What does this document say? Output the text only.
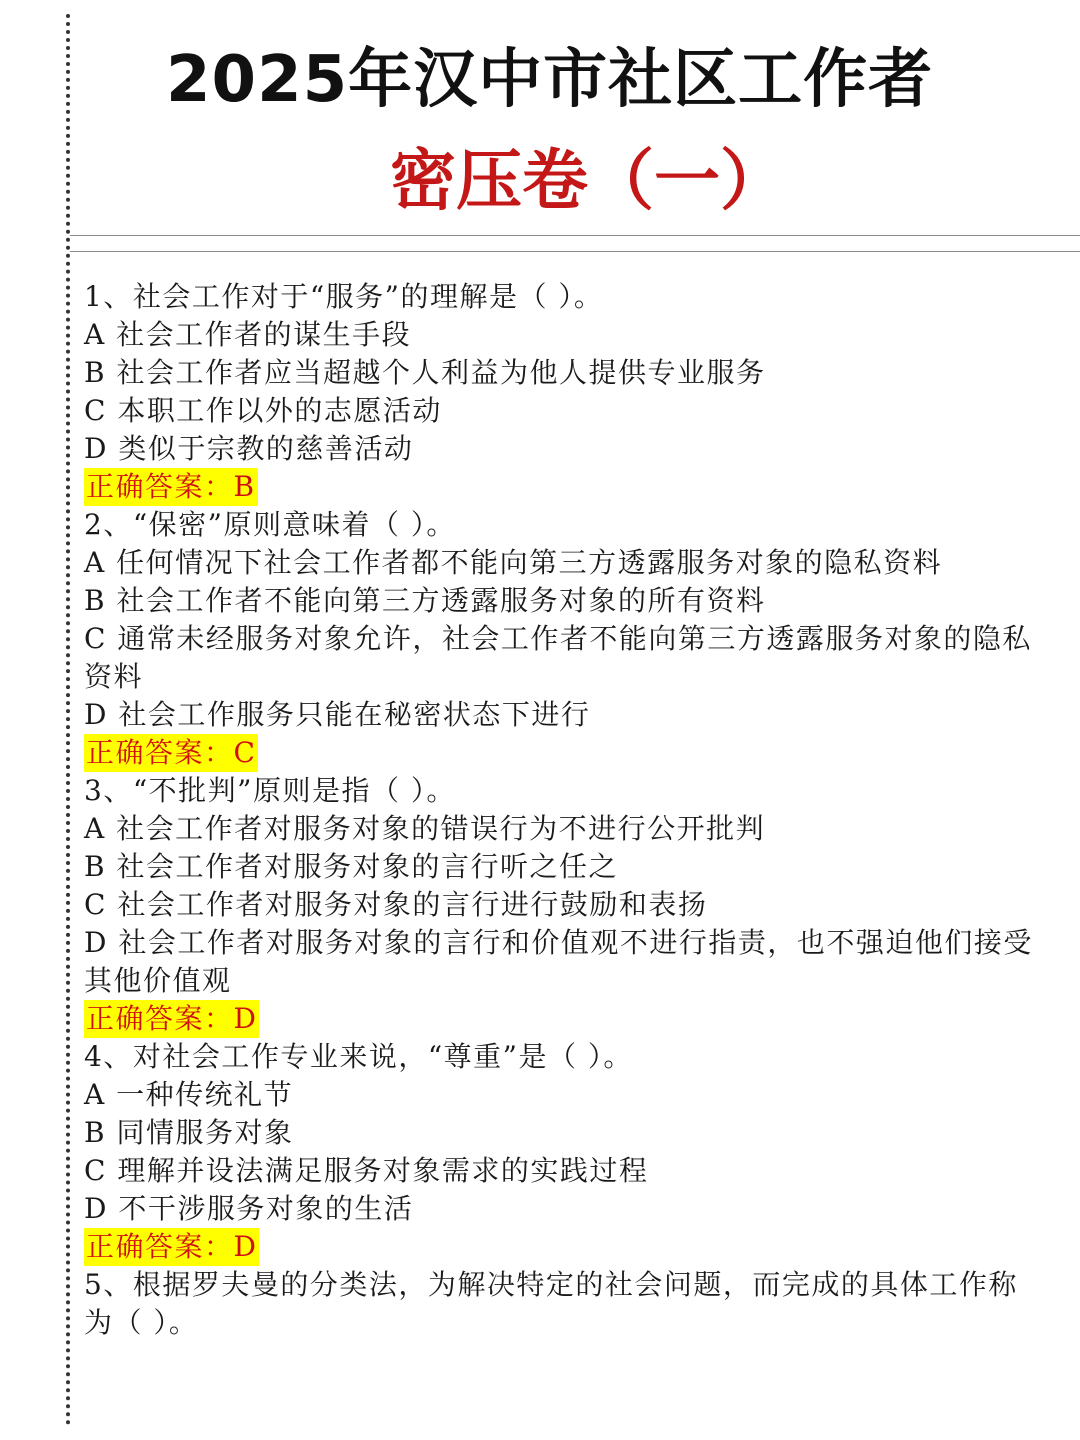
2025年汉中市社区工作者
密压卷（一）

1、社会工作对于“服务”的理解是（ ）。

A 社会工作者的谋生手段

B 社会工作者应当超越个人利益为他人提供专业服务

C 本职工作以外的志愿活动

D 类似于宗教的慈善活动

正确答案：B

2、“保密”原则意味着（ ）。

A 任何情况下社会工作者都不能向第三方透露服务对象的隐私资料

B 社会工作者不能向第三方透露服务对象的所有资料

C 通常未经服务对象允许，社会工作者不能向第三方透露服务对象的隐私资料

D 社会工作服务只能在秘密状态下进行

正确答案：C

3、“不批判”原则是指（ ）。

A 社会工作者对服务对象的错误行为不进行公开批判

B 社会工作者对服务对象的言行听之任之

C 社会工作者对服务对象的言行进行鼓励和表扬

D 社会工作者对服务对象的言行和价值观不进行指责，也不强迫他们接受其他价值观

正确答案：D

4、对社会工作专业来说，“尊重”是（ ）。

A 一种传统礼节

B 同情服务对象

C 理解并设法满足服务对象需求的实践过程

D 不干涉服务对象的生活

正确答案：D

5、根据罗夫曼的分类法，为解决特定的社会问题，而完成的具体工作称为（ ）。
